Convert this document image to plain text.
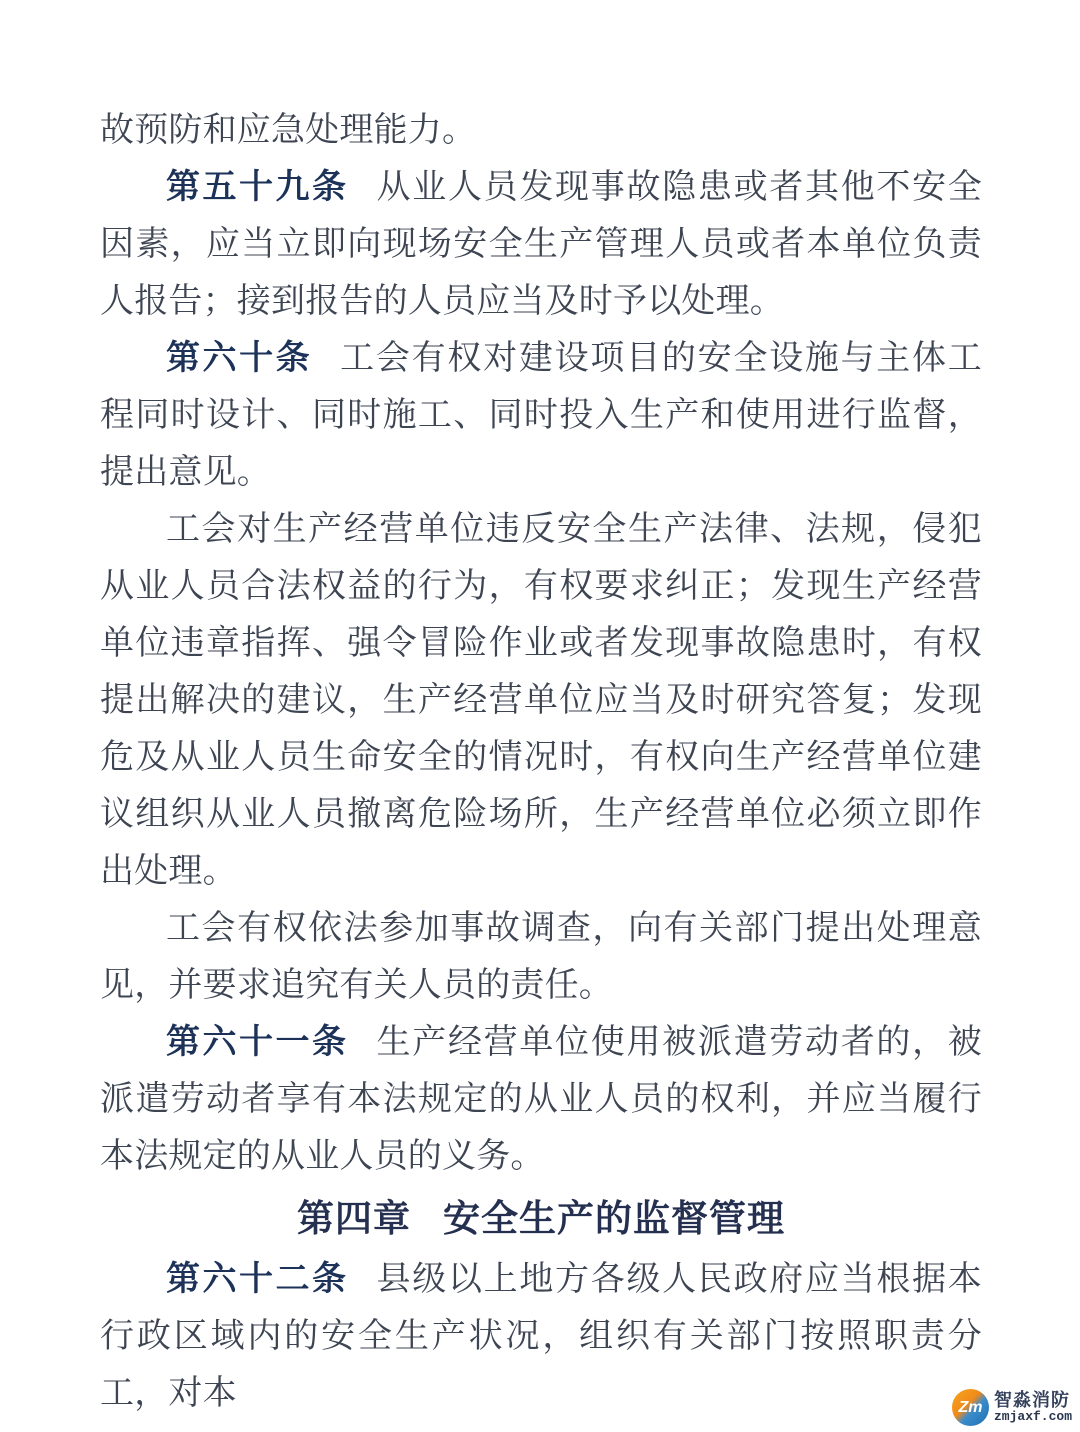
故预防和应急处理能力。

第五十九条 从业人员发现事故隐患或者其他不安全因素，应当立即向现场安全生产管理人员或者本单位负责人报告；接到报告的人员应当及时予以处理。

第六十条 工会有权对建设项目的安全设施与主体工程同时设计、同时施工、同时投入生产和使用进行监督，提出意见。

工会对生产经营单位违反安全生产法律、法规，侵犯从业人员合法权益的行为，有权要求纠正；发现生产经营单位违章指挥、强令冒险作业或者发现事故隐患时，有权提出解决的建议，生产经营单位应当及时研究答复；发现危及从业人员生命安全的情况时，有权向生产经营单位建议组织从业人员撤离危险场所，生产经营单位必须立即作出处理。

工会有权依法参加事故调查，向有关部门提出处理意见，并要求追究有关人员的责任。

第六十一条 生产经营单位使用被派遣劳动者的，被派遣劳动者享有本法规定的从业人员的权利，并应当履行本法规定的从业人员的义务。

第四章 安全生产的监督管理

第六十二条 县级以上地方各级人民政府应当根据本行政区域内的安全生产状况，组织有关部门按照职责分工，对本	Zm 智淼消防
zmjaxf.com
